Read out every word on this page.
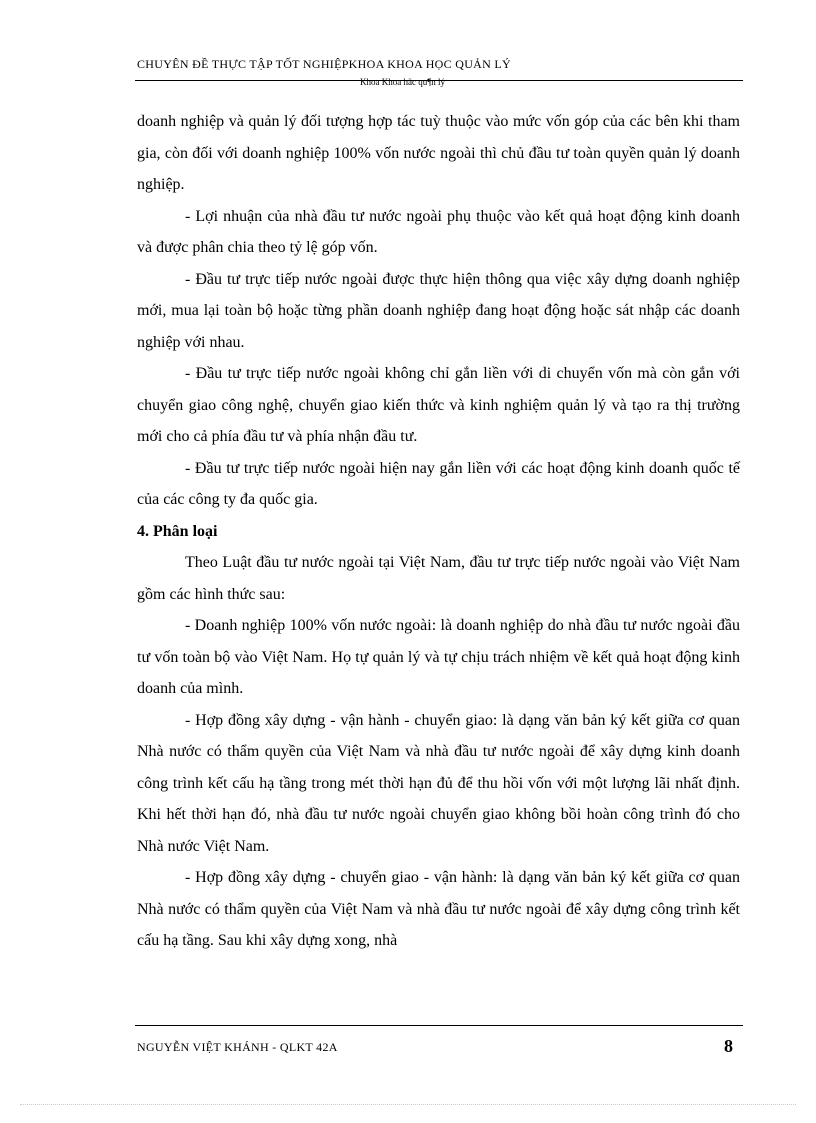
CHUYÊN ĐỀ THỰC TẬP TỐT NGHIỆPKHOA KHOA HỌC QUẢN LÝ
Khoa Khoa häc qu¶n lý

doanh nghiệp và quản lý đối tượng hợp tác tuỳ thuộc vào mức vốn góp của các bên khi tham gia, còn đối với doanh nghiệp 100% vốn nước ngoài thì chủ đầu tư toàn quyền quản lý doanh nghiệp.

- Lợi nhuận của nhà đầu tư nước ngoài phụ thuộc vào kết quả hoạt động kinh doanh và được phân chia theo tỷ lệ góp vốn.

- Đầu tư trực tiếp nước ngoài được thực hiện thông qua việc xây dựng doanh nghiệp mới, mua lại toàn bộ hoặc từng phần doanh nghiệp đang hoạt động hoặc sát nhập các doanh nghiệp với nhau.

- Đầu tư trực tiếp nước ngoài không chỉ gắn liền với di chuyển vốn mà còn gắn với chuyển giao công nghệ, chuyển giao kiến thức và kinh nghiệm quản lý và tạo ra thị trường mới cho cả phía đầu tư và phía nhận đầu tư.

- Đầu tư trực tiếp nước ngoài hiện nay gắn liền với các hoạt động kinh doanh quốc tế của các công ty đa quốc gia.

4. Phân loại

Theo Luật đầu tư nước ngoài tại Việt Nam, đầu tư trực tiếp nước ngoài vào Việt Nam gồm các hình thức sau:

- Doanh nghiệp 100% vốn nước ngoài: là doanh nghiệp do nhà đầu tư nước ngoài đầu tư vốn toàn bộ vào Việt Nam. Họ tự quản lý và tự chịu trách nhiệm về kết quả hoạt động kinh doanh của mình.

- Hợp đồng xây dựng - vận hành - chuyển giao: là dạng văn bản ký kết giữa cơ quan Nhà nước có thẩm quyền của Việt Nam và nhà đầu tư nước ngoài để xây dựng kinh doanh công trình kết cấu hạ tầng trong mét thời hạn đủ để thu hồi vốn với một lượng lãi nhất định. Khi hết thời hạn đó, nhà đầu tư nước ngoài chuyển giao không bồi hoàn công trình đó cho Nhà nước Việt Nam.

- Hợp đồng xây dựng - chuyển giao - vận hành: là dạng văn bản ký kết giữa cơ quan Nhà nước có thẩm quyền của Việt Nam và nhà đầu tư nước ngoài để xây dựng công trình kết cấu hạ tầng. Sau khi xây dựng xong, nhà

NGUYỄN VIỆT KHÁNH - QLKT 42A	8
